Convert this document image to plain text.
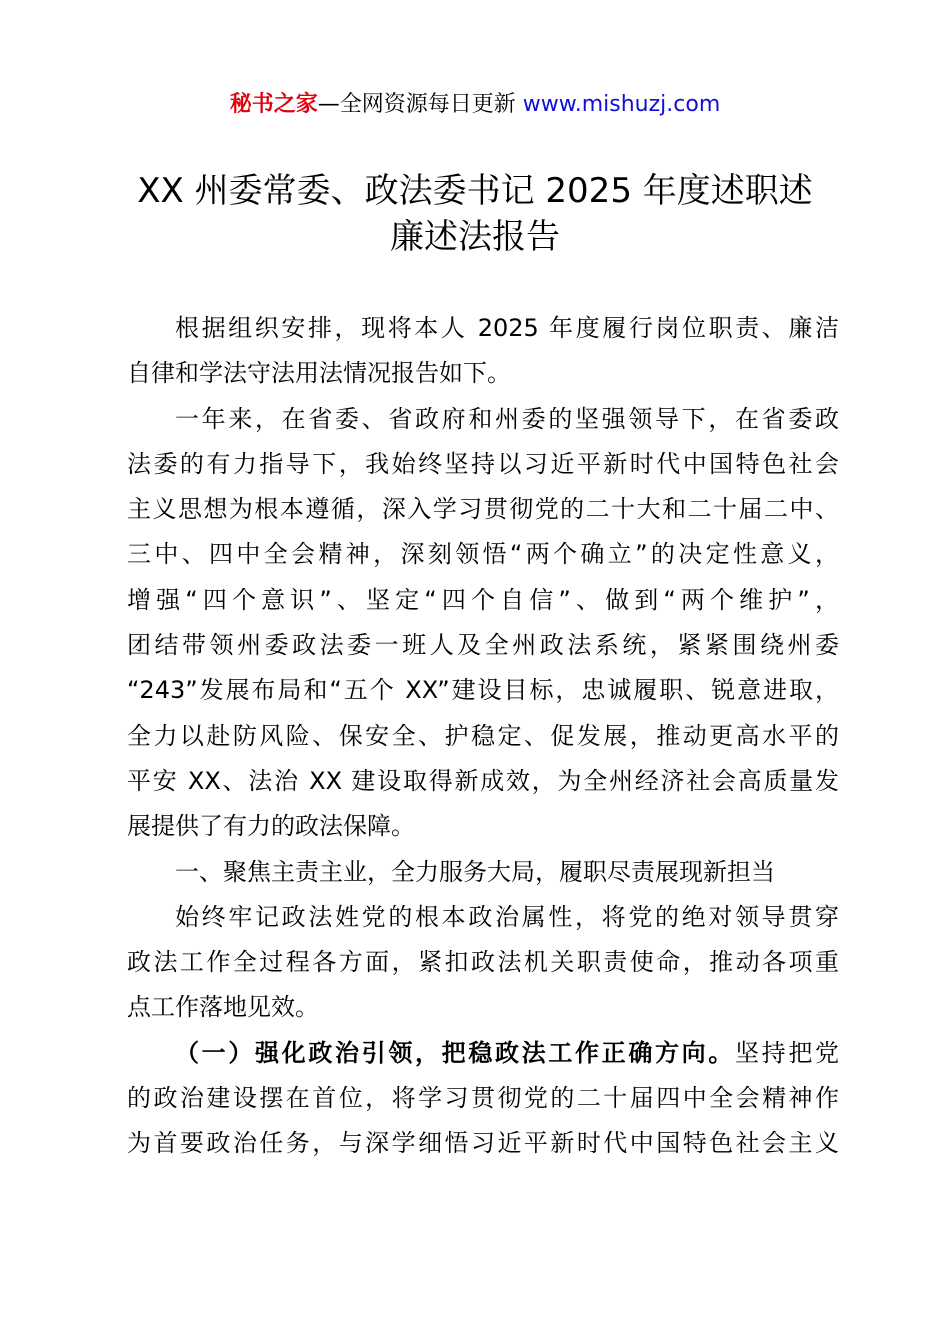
秘书之家—全网资源每日更新 www.mishuzj.com
XX 州委常委、政法委书记 2025 年度述职述
廉述法报告
根据组织安排，现将本人 2025 年度履行岗位职责、廉洁
自律和学法守法用法情况报告如下。
一年来，在省委、省政府和州委的坚强领导下，在省委政
法委的有力指导下，我始终坚持以习近平新时代中国特色社会
主义思想为根本遵循，深入学习贯彻党的二十大和二十届二中、
三中、四中全会精神，深刻领悟“两个确立”的决定性意义，
增强“四个意识”、坚定“四个自信”、做到“两个维护”，
团结带领州委政法委一班人及全州政法系统，紧紧围绕州委
“243”发展布局和“五个 XX”建设目标，忠诚履职、锐意进取，
全力以赴防风险、保安全、护稳定、促发展，推动更高水平的
平安 XX、法治 XX 建设取得新成效，为全州经济社会高质量发
展提供了有力的政法保障。
一、聚焦主责主业，全力服务大局，履职尽责展现新担当
始终牢记政法姓党的根本政治属性，将党的绝对领导贯穿
政法工作全过程各方面，紧扣政法机关职责使命，推动各项重
点工作落地见效。
（一）强化政治引领，把稳政法工作正确方向。坚持把党
的政治建设摆在首位，将学习贯彻党的二十届四中全会精神作
为首要政治任务，与深学细悟习近平新时代中国特色社会主义
